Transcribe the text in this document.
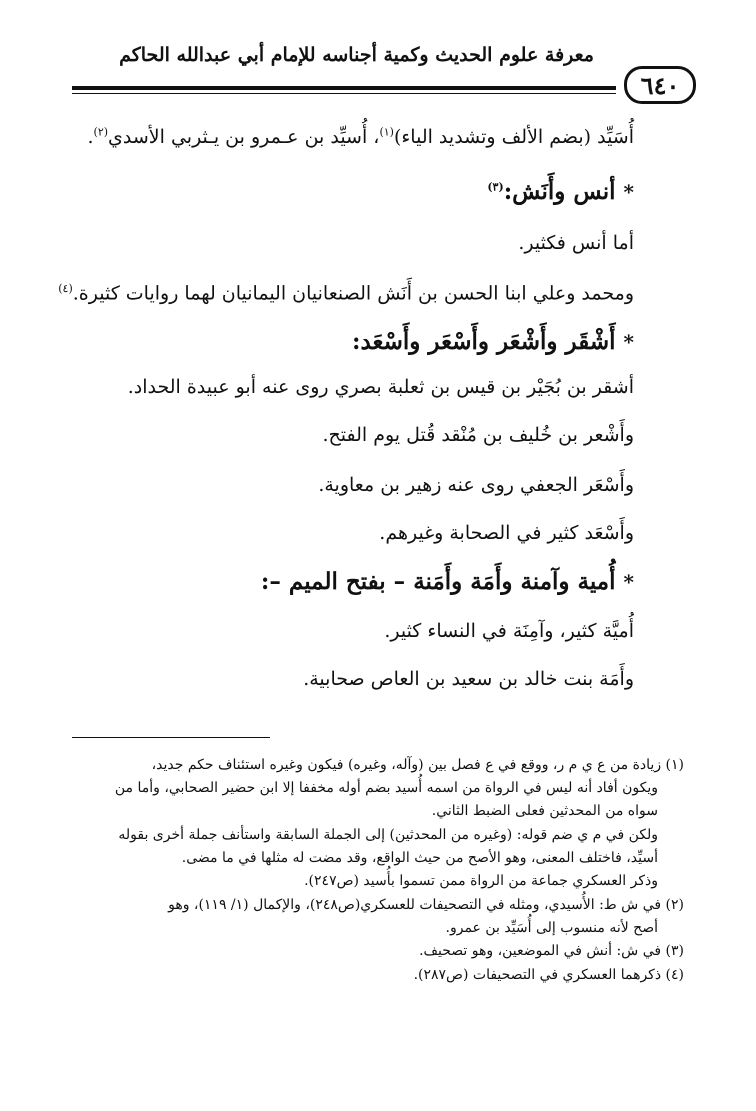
معرفة علوم الحديث وكمية أجناسه للإمام أبي عبدالله الحاكم
٦٤٠
أُسَيِّد (بضم الألف وتشديد الياء)$^{(١)}$، أُسيِّد بن عـمرو بن يـثربي الأسدي$^{(٢)}$.
*أنس وأَنَش:$^{(٣)}$
أما أنس فكثير.
ومحمد وعلي ابنا الحسن بن أَنَش الصنعانيان اليمانيان لهما روايات كثيرة.$^{(٤)}$
*أَشْقَر وأَشْعَر وأَسْعَر وأَسْعَد:
أشقر بن بُجَيْر بن قيس بن ثعلبة بصري روى عنه أبو عبيدة الحداد.
وأَشْعر بن خُليف بن مُنْقد قُتل يوم الفتح.
وأَسْعَر الجعفي روى عنه زهير بن معاوية.
وأَسْعَد كثير في الصحابة وغيرهم.
*أُمية وآمنة وأَمَة وأَمَنة – بفتح الميم –:
أُميَّة كثير، وآمِنَة في النساء كثير.
وأَمَة بنت خالد بن سعيد بن العاص صحابية.
(١) زيادة من ع ي م ر، ووقع في ع فصل بين (وآله، وغيره) فيكون وغيره استئناف حكم جديد،
ويكون أفاد أنه ليس في الرواة من اسمه أُسيد بضم أوله مخففا إلا ابن حضير الصحابي، وأما من
سواه من المحدثين فعلى الضبط الثاني.
ولكن في م ي ضم قوله: (وغيره من المحدثين) إلى الجملة السابقة واستأنف جملة أخرى بقوله
أسيِّد، فاختلف المعنى، وهو الأصح من حيث الواقع، وقد مضت له مثلها في ما مضى.
وذكر العسكري جماعة من الرواة ممن تسموا بأُسيد (ص٢٤٧).
(٢) في ش ط: الأُسيدي، ومثله في التصحيفات للعسكري(ص٢٤٨)، والإكمال (١/ ١١٩)، وهو
أصح لأنه منسوب إلى أُسَيِّد بن عمرو.
(٣) في ش: أنش في الموضعين، وهو تصحيف.
(٤) ذكرهما العسكري في التصحيفات (ص٢٨٧).
